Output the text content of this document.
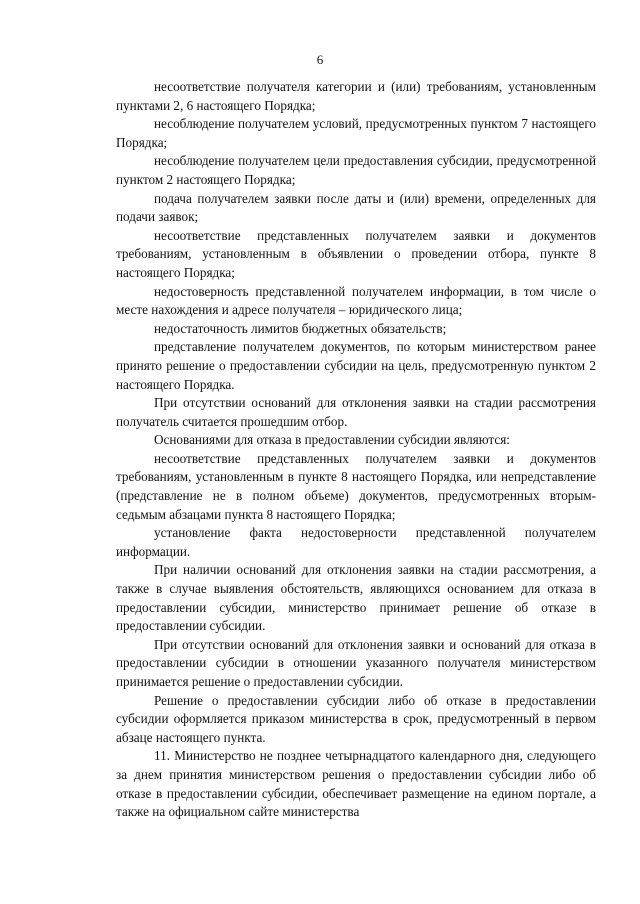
6

несоответствие получателя категории и (или) требованиям, установленным пунктами 2, 6 настоящего Порядка;

несоблюдение получателем условий, предусмотренных пунктом 7 настоящего Порядка;

несоблюдение получателем цели предоставления субсидии, предусмотренной пунктом 2 настоящего Порядка;

подача получателем заявки после даты и (или) времени, определенных для подачи заявок;

несоответствие представленных получателем заявки и документов требованиям, установленным в объявлении о проведении отбора, пункте 8 настоящего Порядка;

недостоверность представленной получателем информации, в том числе о месте нахождения и адресе получателя – юридического лица;

недостаточность лимитов бюджетных обязательств;

представление получателем документов, по которым министерством ранее принято решение о предоставлении субсидии на цель, предусмотренную пунктом 2 настоящего Порядка.

При отсутствии оснований для отклонения заявки на стадии рассмотрения получатель считается прошедшим отбор.

Основаниями для отказа в предоставлении субсидии являются:

несоответствие представленных получателем заявки и документов требованиям, установленным в пункте 8 настоящего Порядка, или непредставление (представление не в полном объеме) документов, предусмотренных вторым-седьмым абзацами пункта 8 настоящего Порядка;

установление факта недостоверности представленной получателем информации.

При наличии оснований для отклонения заявки на стадии рассмотрения, а также в случае выявления обстоятельств, являющихся основанием для отказа в предоставлении субсидии, министерство принимает решение об отказе в предоставлении субсидии.

При отсутствии оснований для отклонения заявки и оснований для отказа в предоставлении субсидии в отношении указанного получателя министерством принимается решение о предоставлении субсидии.

Решение о предоставлении субсидии либо об отказе в предоставлении субсидии оформляется приказом министерства в срок, предусмотренный в первом абзаце настоящего пункта.

11. Министерство не позднее четырнадцатого календарного дня, следующего за днем принятия министерством решения о предоставлении субсидии либо об отказе в предоставлении субсидии, обеспечивает размещение на едином портале, а также на официальном сайте министерства
